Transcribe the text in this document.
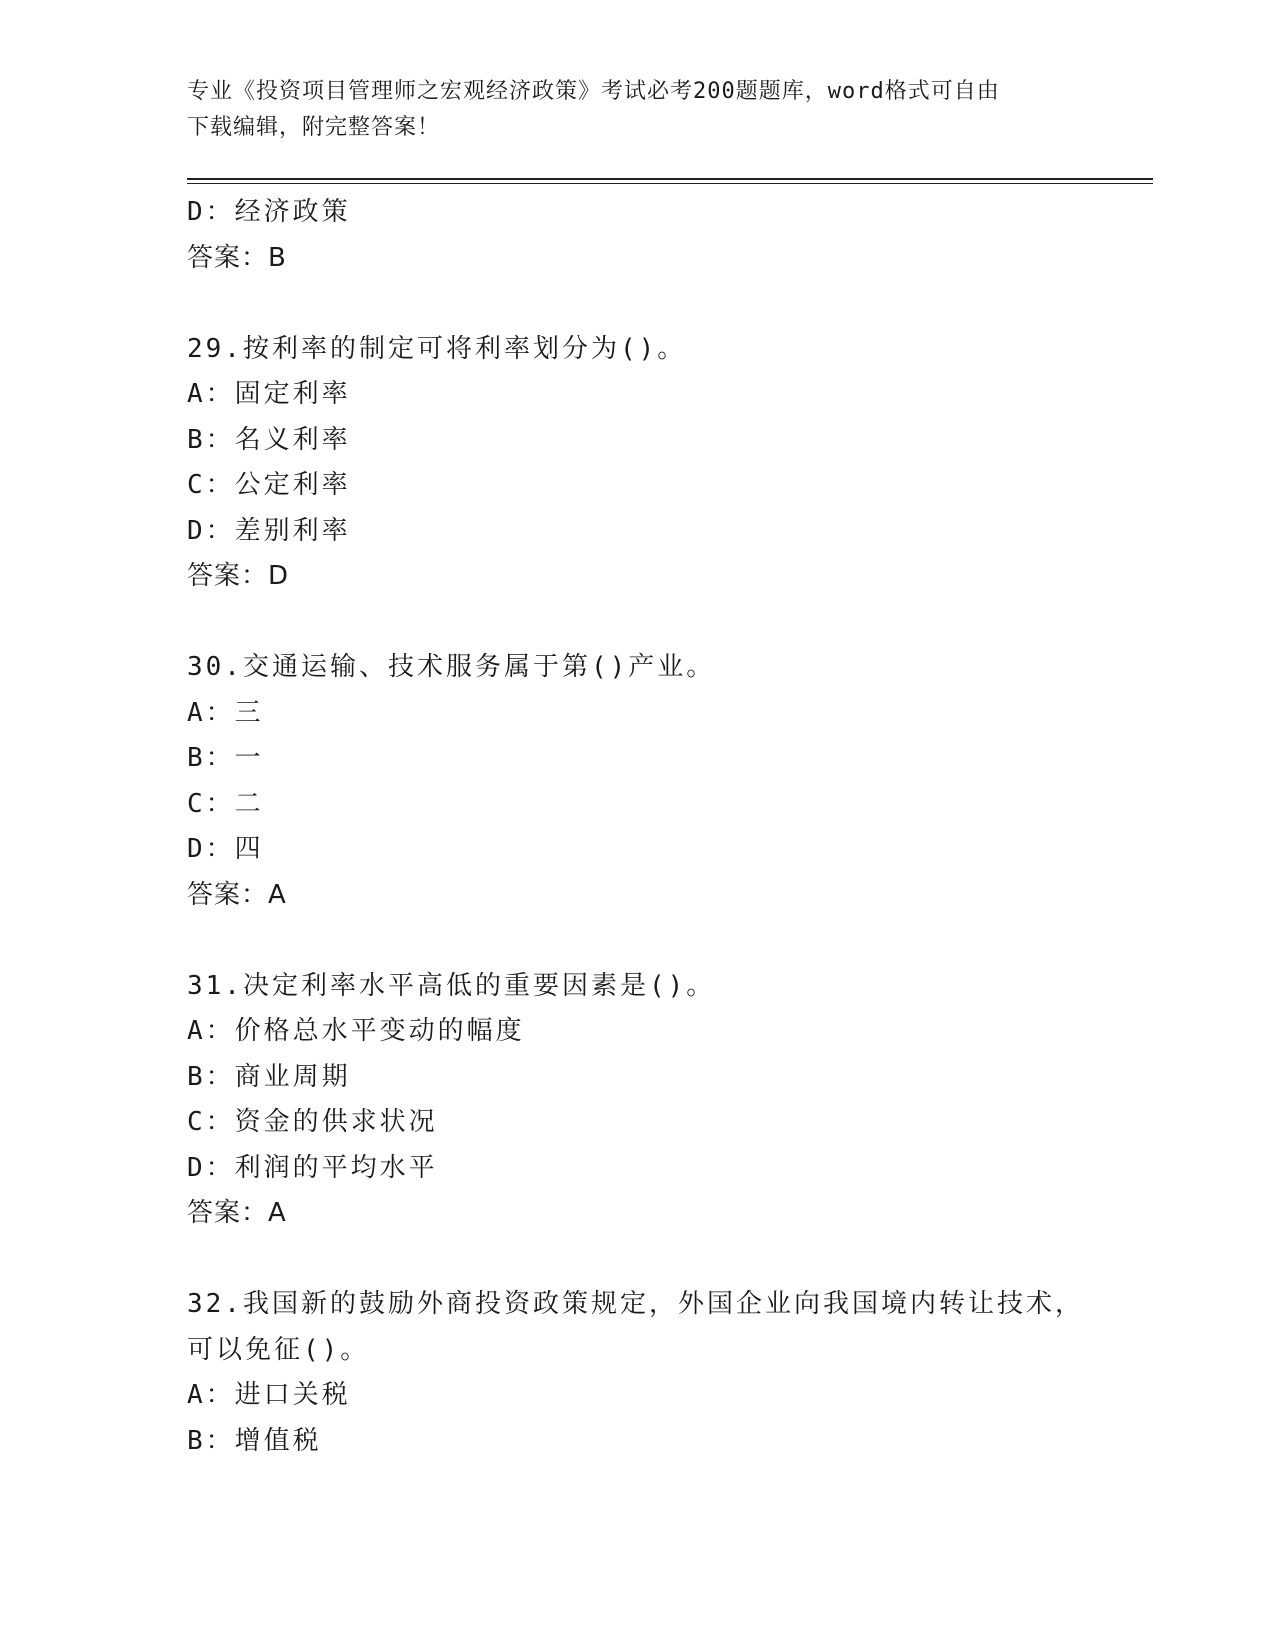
专业《投资项目管理师之宏观经济政策》考试必考200题题库，word格式可自由
下载编辑，附完整答案！
D：经济政策
答案：B
29.按利率的制定可将利率划分为()。
A：固定利率
B：名义利率
C：公定利率
D：差别利率
答案：D
30.交通运输、技术服务属于第()产业。
A：三
B：一
C：二
D：四
答案：A
31.决定利率水平高低的重要因素是()。
A：价格总水平变动的幅度
B：商业周期
C：资金的供求状况
D：利润的平均水平
答案：A
32.我国新的鼓励外商投资政策规定，外国企业向我国境内转让技术，
可以免征()。
A：进口关税
B：增值税
